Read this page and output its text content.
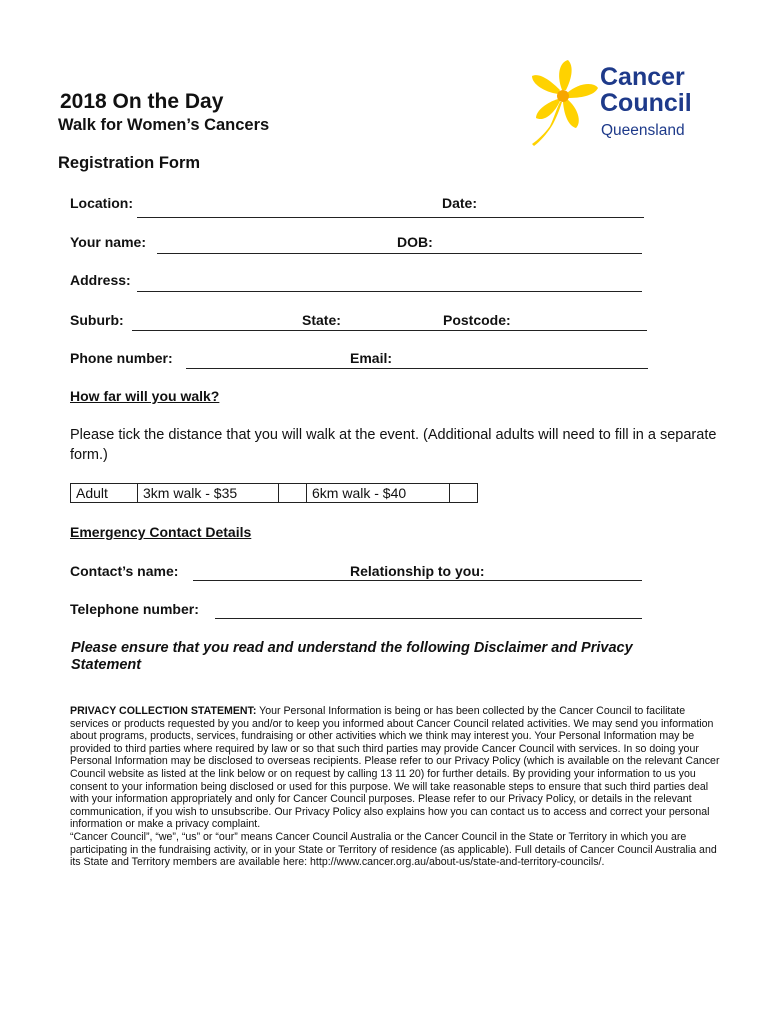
Cancer
Council
Queensland
2018 On the Day
Walk for Women’s Cancers
Registration Form
Location:	Date:
Your name:	DOB:
Address:
Suburb:	State:	Postcode:
Phone number:	Email:
How far will you walk?
Please tick the distance that you will walk at the event. (Additional adults will need to fill in a separate form.)
Adult	3km walk - $35		6km walk - $40	
Emergency Contact Details
Contact’s name:	Relationship to you:
Telephone number:
Please ensure that you read and understand the following Disclaimer and Privacy Statement
PRIVACY COLLECTION STATEMENT: Your Personal Information is being or has been collected by the Cancer Council to facilitate services or products requested by you and/or to keep you informed about Cancer Council related activities. We may send you information about programs, products, services, fundraising or other activities which we think may interest you. Your Personal Information may be provided to third parties where required by law or so that such third parties may provide Cancer Council with services. In so doing your Personal Information may be disclosed to overseas recipients. Please refer to our Privacy Policy (which is available on the relevant Cancer Council website as listed at the link below or on request by calling 13 11 20) for further details. By providing your information to us you consent to your information being disclosed or used for this purpose. We will take reasonable steps to ensure that such third parties deal with your information appropriately and only for Cancer Council purposes. Please refer to our Privacy Policy, or details in the relevant communication, if you wish to unsubscribe. Our Privacy Policy also explains how you can contact us to access and correct your personal information or make a privacy complaint.
“Cancer Council”, “we”, “us” or “our” means Cancer Council Australia or the Cancer Council in the State or Territory in which you are participating in the fundraising activity, or in your State or Territory of residence (as applicable). Full details of Cancer Council Australia and its State and Territory members are available here: http://www.cancer.org.au/about-us/state-and-territory-councils/.
